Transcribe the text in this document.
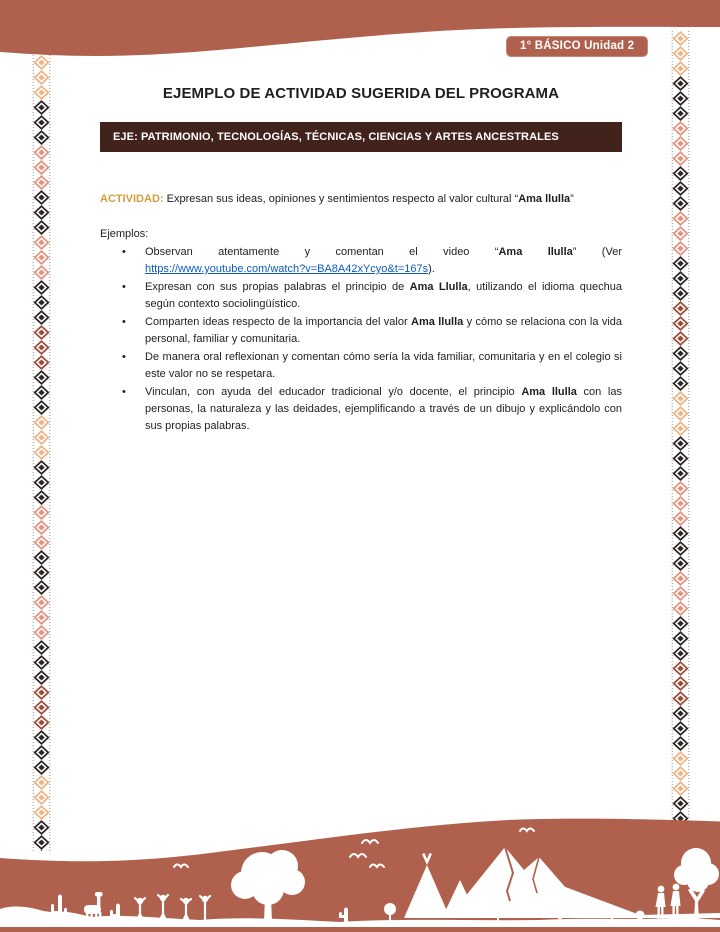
1° BÁSICO Unidad 2
EJEMPLO DE ACTIVIDAD SUGERIDA DEL PROGRAMA
EJE: PATRIMONIO, TECNOLOGÍAS, TÉCNICAS, CIENCIAS Y ARTES ANCESTRALES

ACTIVIDAD: Expresan sus ideas, opiniones y sentimientos respecto al valor cultural “Ama llulla”

Ejemplos:

• Observan atentamente y comentan el video “Ama llulla” (Ver https://www.youtube.com/watch?v=BA8A42xYcyo&t=167s).
• Expresan con sus propias palabras el principio de Ama Llulla, utilizando el idioma quechua según contexto sociolingüístico.
• Comparten ideas respecto de la importancia del valor Ama llulla y cómo se relaciona con la vida personal, familiar y comunitaria.
• De manera oral reflexionan y comentan cómo sería la vida familiar, comunitaria y en el colegio si este valor no se respetara.
• Vinculan, con ayuda del educador tradicional y/o docente, el principio Ama llulla con las personas, la naturaleza y las deidades, ejemplificando a través de un dibujo y explicándolo con sus propias palabras.
